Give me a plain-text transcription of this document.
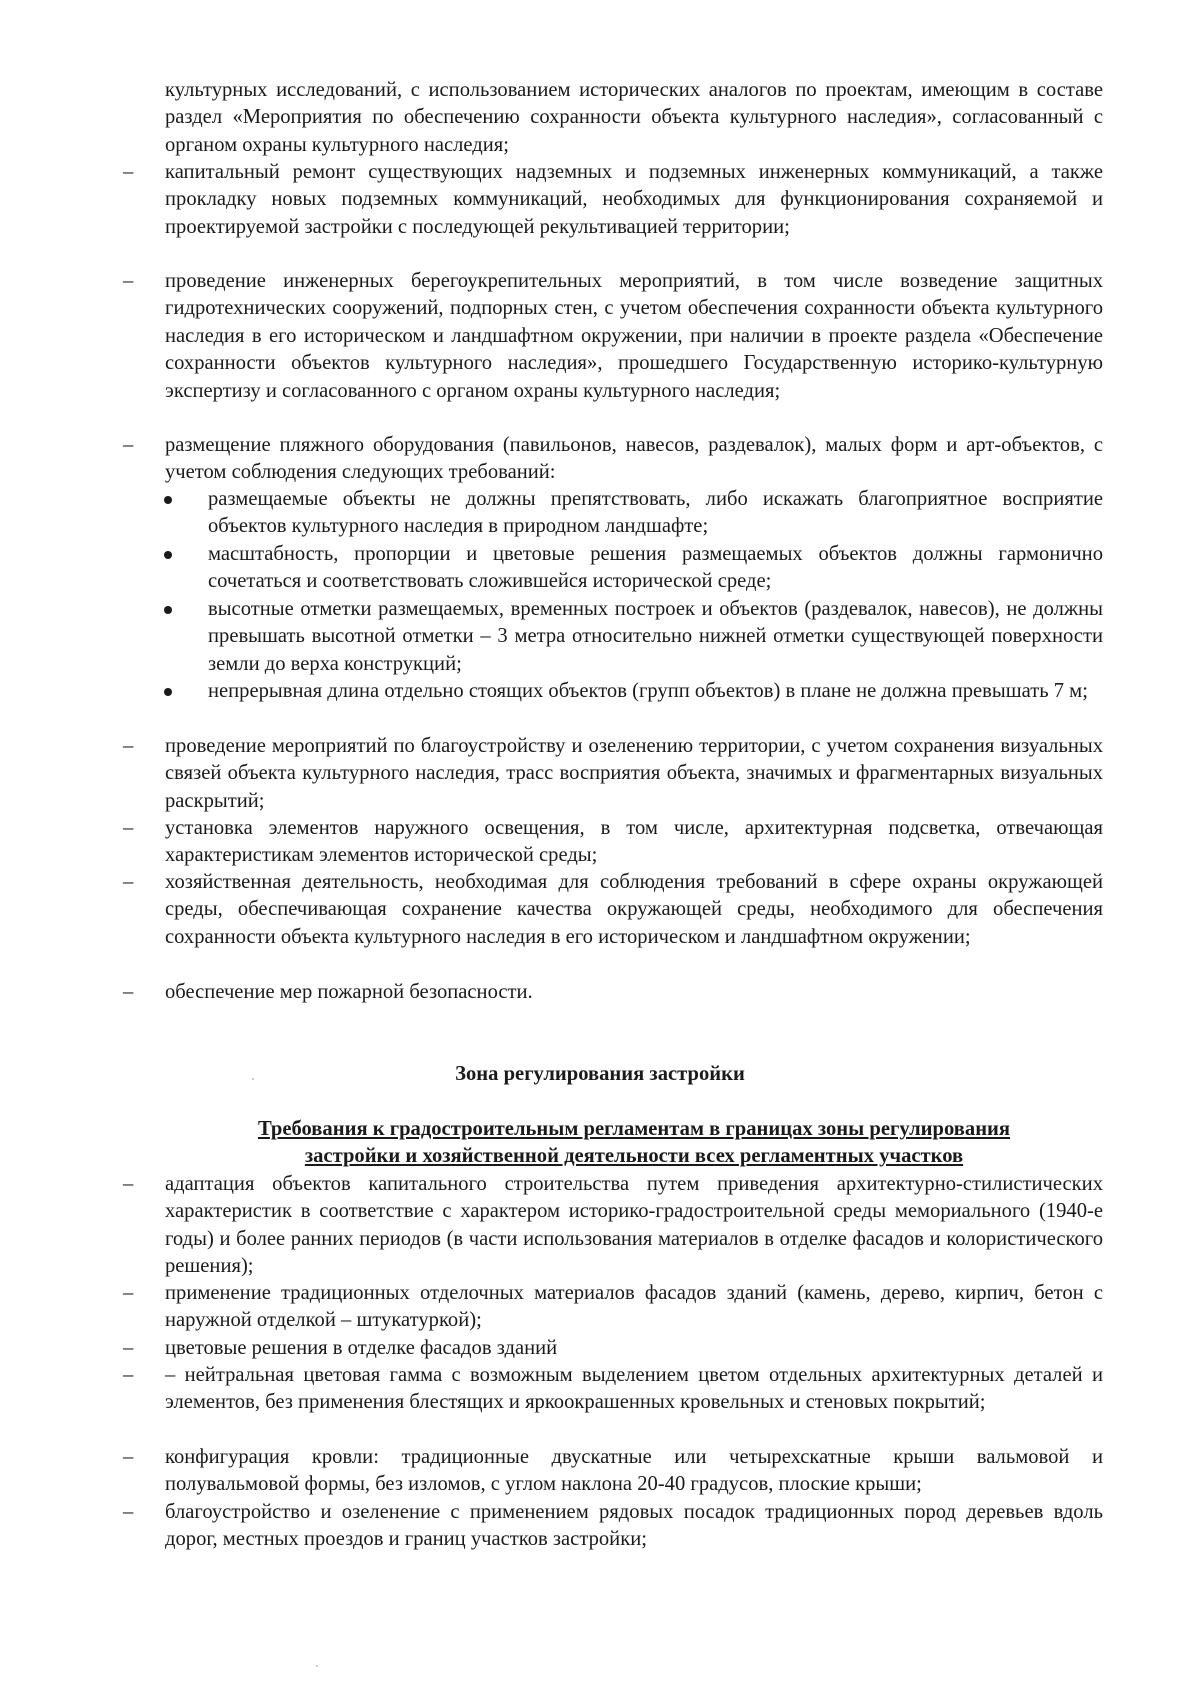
культурных исследований, с использованием исторических аналогов по проектам, имеющим в составе раздел «Мероприятия по обеспечению сохранности объекта культурного наследия», согласованный с органом охраны культурного наследия;

– капитальный ремонт существующих надземных и подземных инженерных коммуникаций, а также прокладку новых подземных коммуникаций, необходимых для функционирования сохраняемой и проектируемой застройки с последующей рекультивацией территории;
– проведение инженерных берегоукрепительных мероприятий, в том числе возведение защитных гидротехнических сооружений, подпорных стен, с учетом обеспечения сохранности объекта культурного наследия в его историческом и ландшафтном окружении, при наличии в проекте раздела «Обеспечение сохранности объектов культурного наследия», прошедшего Государственную историко-культурную экспертизу и согласованного с органом охраны культурного наследия;
– размещение пляжного оборудования (павильонов, навесов, раздевалок), малых форм и арт-объектов, с учетом соблюдения следующих требований:
размещаемые объекты не должны препятствовать, либо искажать благоприятное восприятие объектов культурного наследия в природном ландшафте;
масштабность, пропорции и цветовые решения размещаемых объектов должны гармонично сочетаться и соответствовать сложившейся исторической среде;
высотные отметки размещаемых, временных построек и объектов (раздевалок, навесов), не должны превышать высотной отметки – 3 метра относительно нижней отметки существующей поверхности земли до верха конструкций;
непрерывная длина отдельно стоящих объектов (групп объектов) в плане не должна превышать 7 м;
– проведение мероприятий по благоустройству и озеленению территории, с учетом сохранения визуальных связей объекта культурного наследия, трасс восприятия объекта, значимых и фрагментарных визуальных раскрытий;
– установка элементов наружного освещения, в том числе, архитектурная подсветка, отвечающая характеристикам элементов исторической среды;
– хозяйственная деятельность, необходимая для соблюдения требований в сфере охраны окружающей среды, обеспечивающая сохранение качества окружающей среды, необходимого для обеспечения сохранности объекта культурного наследия в его историческом и ландшафтном окружении;
– обеспечение мер пожарной безопасности.

Зона регулирования застройки

Требования к градостроительным регламентам в границах зоны регулирования

застройки и хозяйственной деятельности всех регламентных участков

– адаптация объектов капитального строительства путем приведения архитектурно-стилистических характеристик в соответствие с характером историко-градостроительной среды мемориального (1940-е годы) и более ранних периодов (в части использования материалов в отделке фасадов и колористического решения);
– применение традиционных отделочных материалов фасадов зданий (камень, дерево, кирпич, бетон с наружной отделкой – штукатуркой);
– цветовые решения в отделке фасадов зданий
– – нейтральная цветовая гамма с возможным выделением цветом отдельных архитектурных деталей и элементов, без применения блестящих и яркоокрашенных кровельных и стеновых покрытий;
– конфигурация кровли: традиционные двускатные или четырехскатные крыши вальмовой и полувальмовой формы, без изломов, с углом наклона 20-40 градусов, плоские крыши;
– благоустройство и озеленение с применением рядовых посадок традиционных пород деревьев вдоль дорог, местных проездов и границ участков застройки;
